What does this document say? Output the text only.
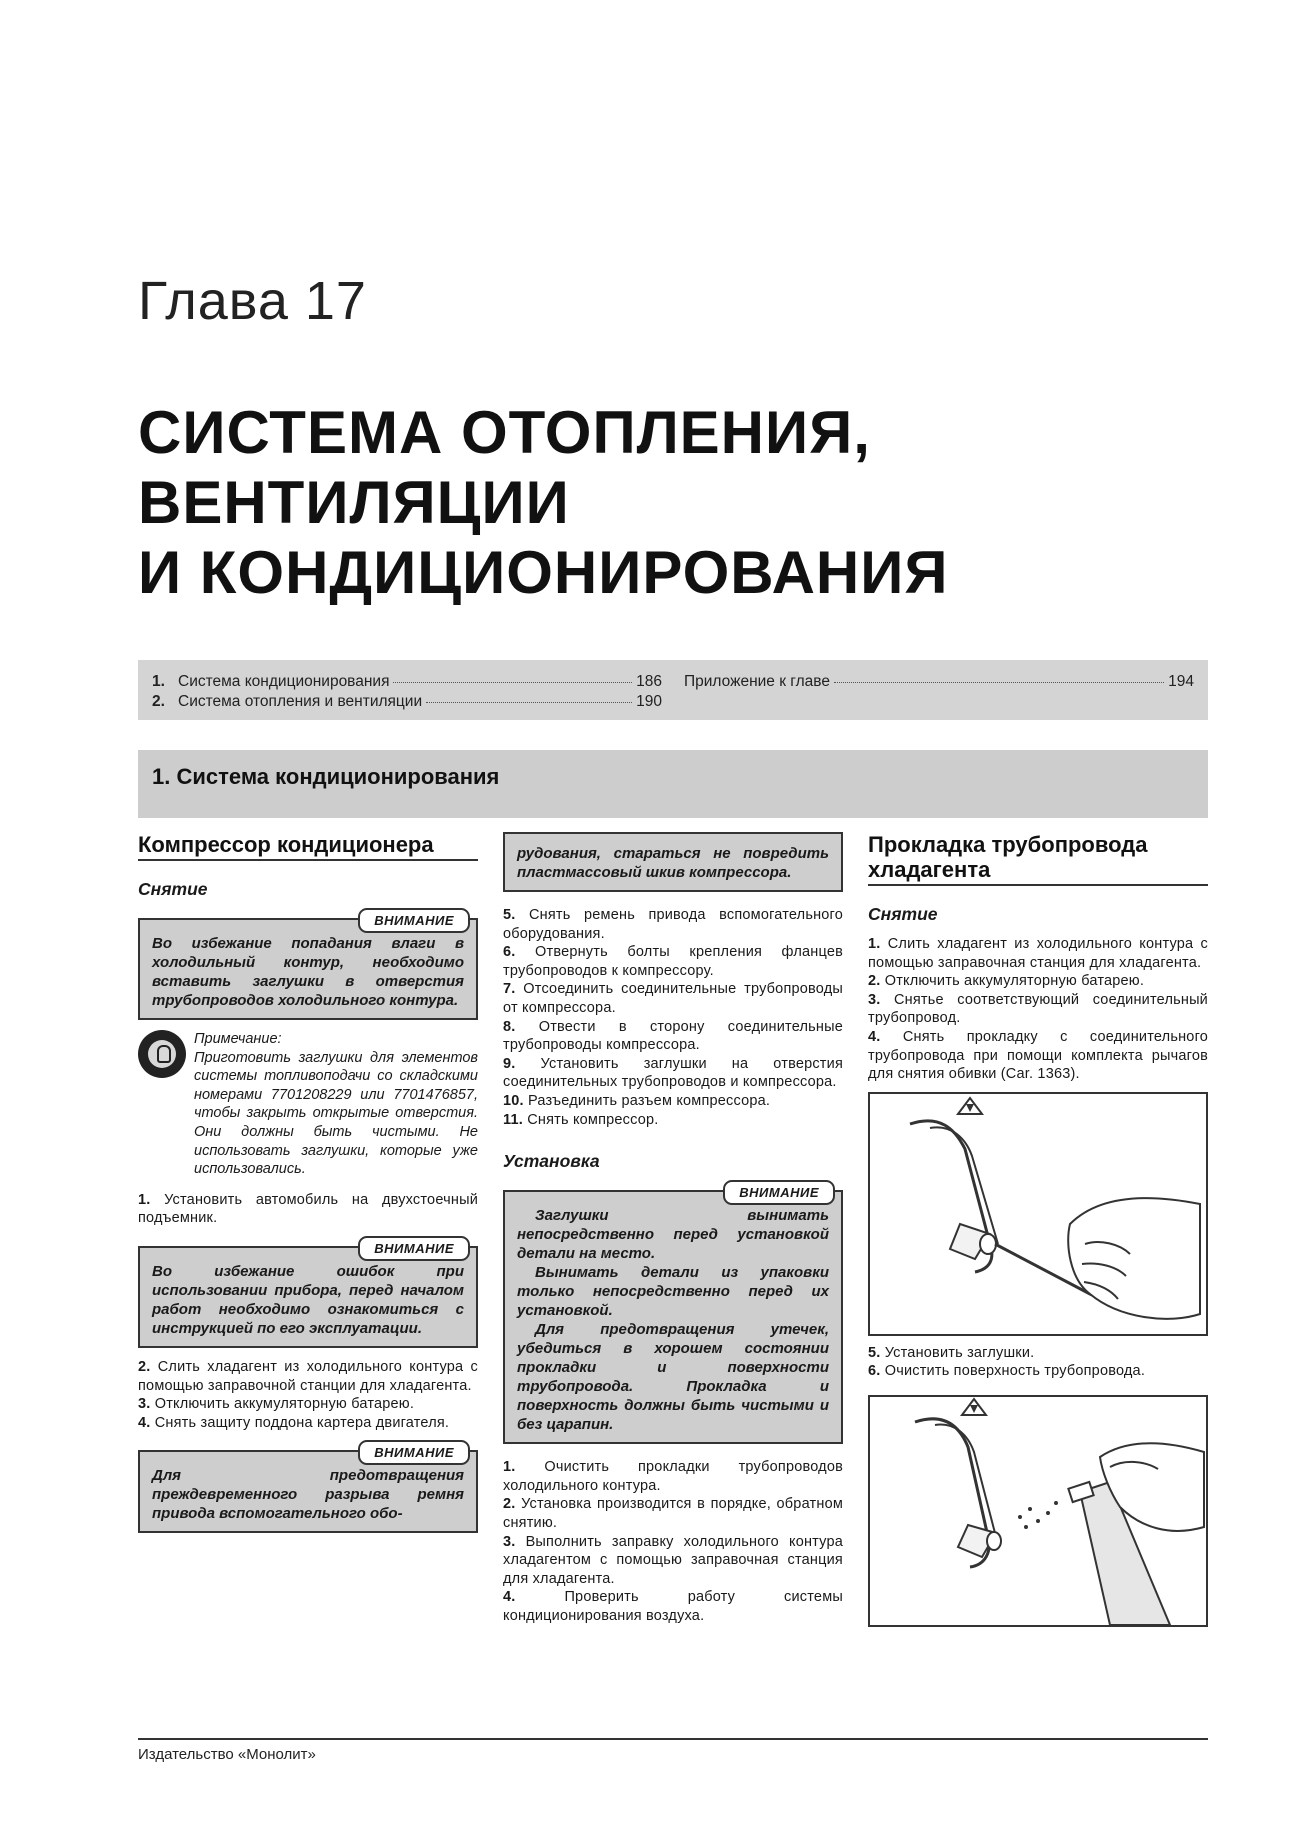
Глава 17
СИСТЕМА ОТОПЛЕНИЯ,
ВЕНТИЛЯЦИИ
И КОНДИЦИОНИРОВАНИЯ
1. Система кондиционирования	186
2. Система отопления и вентиляции	190
Приложение к главе	194
1. Система кондиционирования
Компрессор кондиционера
Снятие
ВНИМАНИЕ
Во избежание попадания влаги в холодильный контур, необходимо вставить заглушки в отверстия трубопроводов холодильного контура.
Примечание:
Приготовить заглушки для элементов системы топливоподачи со складскими номерами 7701208229 или 7701476857, чтобы закрыть открытые отверстия. Они должны быть чистыми. Не использовать заглушки, которые уже использовались.

1. Установить автомобиль на двухстоечный подъемник.

ВНИМАНИЕ
Во избежание ошибок при использовании прибора, перед началом работ необходимо ознакомиться с инструкцией по его эксплуатации.

2. Слить хладагент из холодильного контура с помощью заправочной станции для хладагента.

3. Отключить аккумуляторную батарею.

4. Снять защиту поддона картера двигателя.

ВНИМАНИЕ
Для предотвращения преждевременного разрыва ремня привода вспомогательного обо-
рудования, стараться не повредить пластмассовый шкив компрессора.

5. Снять ремень привода вспомогательного оборудования.

6. Отвернуть болты крепления фланцев трубопроводов к компрессору.

7. Отсоединить соединительные трубопроводы от компрессора.

8. Отвести в сторону соединительные трубопроводы компрессора.

9. Установить заглушки на отверстия соединительных трубопроводов и компрессора.

10. Разъединить разъем компрессора.

11. Снять компрессор.

Установка
ВНИМАНИЕ
Заглушки вынимать непосредственно перед установкой детали на место.
Вынимать детали из упаковки только непосредственно перед их установкой.
Для предотвращения утечек, убедиться в хорошем состоянии прокладки и поверхности трубопровода. Прокладка и поверхность должны быть чистыми и без царапин.

1. Очистить прокладки трубопроводов холодильного контура.

2. Установка производится в порядке, обратном снятию.

3. Выполнить заправку холодильного контура хладагентом с помощью заправочная станция для хладагента.

4.	Проверить работу системы кондиционирования воздуха.

Прокладка трубопровода хладагента
Снятие

1. Слить хладагент из холодильного контура с помощью заправочная станция для хладагента.

2. Отключить аккумуляторную батарею.

3. Снятье соответствующий соединительный трубопровод.

4. Снять прокладку с соединительного трубопровода при помощи комплекта рычагов для снятия обивки (Car. 1363).

5. Установить заглушки.

6. Очистить поверхность трубопровода.

Издательство «Монолит»
